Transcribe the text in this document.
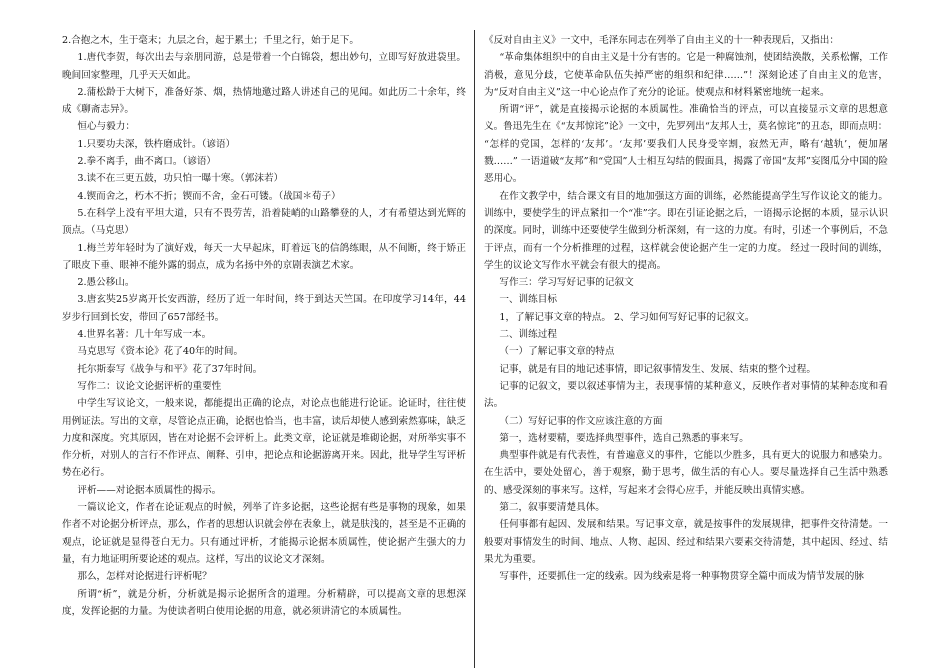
2.合抱之木，生于毫末；九层之台，起于累土；千里之行，始于足下。

1.唐代李贺，每次出去与亲朋同游，总是带着一个白锦袋，想出妙句，立即写好放进袋里。晚间回家整理，几乎天天如此。

2.蒲松龄于大树下，准备好茶、烟，热情地邀过路人讲述自己的见闻。如此历二十余年，终成《聊斋志异》。

恒心与毅力：

1.只要功夫深，铁杵磨成针。（谚语）

2.拳不离手，曲不离口。（谚语）

3.读不在三更五鼓，功只怕一曝十寒。（郭沫若）

4.锲而舍之，朽木不折；锲而不舍，金石可镂。（战国＊荀子）

5.在科学上没有平坦大道，只有不畏劳苦，沿着陡峭的山路攀登的人，才有希望达到光辉的顶点。（马克思）

1.梅兰芳年轻时为了演好戏，每天一大早起床，盯着远飞的信鸽练眼，从不间断，终于矫正了眼皮下垂、眼神不能外露的弱点，成为名扬中外的京剧表演艺术家。

2.愚公移山。

3.唐玄奘25岁离开长安西游，经历了近一年时间，终于到达天竺国。在印度学习14年，44岁步行回到长安，带回了657部经书。

4.世界名著：几十年写成一本。

马克思写《资本论》花了40年的时间。

托尔斯泰写《战争与和平》花了37年时间。

写作二：议论文论据评析的重要性

中学生写议论文，一般来说，都能提出正确的论点，对论点也能进行论证。论证时，往往使用例证法。写出的文章，尽管论点正确，论据也恰当，也丰富，读后却使人感到索然寡味，缺乏力度和深度。究其原因，皆在对论据不会评析上。此类文章，论证就是堆砌论据，对所举实事不作分析，对别人的言行不作评点、阐释、引申，把论点和论据游离开来。因此，批导学生写评析势在必行。

评析——对论据本质属性的揭示。

一篇议论文，作者在论证观点的时候，列举了许多论据，这些论据有些是事物的现象，如果作者不对论据分析评点，那么，作者的思想认识就会停在表象上，就是肤浅的，甚至是不正确的观点，论证就是显得苍白无力。只有通过评析，才能揭示论据本质属性，使论据产生强大的力量，有力地证明所要论述的观点。这样，写出的议论文才深刻。

那么，怎样对论据进行评析呢？

所谓“析”，就是分析，分析就是揭示论据所含的道理。分析精辟，可以提高文章的思想深度，发挥论据的力量。为使读者明白使用论据的用意，就必须讲清它的本质属性。

《反对自由主义》一文中，毛泽东同志在列举了自由主义的十一种表现后，又指出：

“革命集体组织中的自由主义是十分有害的。它是一种腐蚀剂，使团结涣散，关系松懈，工作消极，意见分歧，它使革命队伍失掉严密的组织和纪律……”！深刻论述了自由主义的危害，为“反对自由主义”这一中心论点作了充分的论证。使观点和材料紧密地统一起来。

所谓“评”，就是直接揭示论据的本质属性。准确恰当的评点，可以直接显示文章的思想意义。鲁迅先生在《“友邦惊诧”论》一文中，先罗列出“友邦人士，莫名惊诧”的丑态，即而点明：

“怎样的党国，怎样的‘友邦’。‘友邦’要我们人民身受宰割，寂然无声，略有‘越轨’，便加屠戮……” 一语道破“友邦”和“党国”人士相互勾结的假面具，揭露了帝国“友邦”妄图瓜分中国的险恶用心。

在作文教学中，结合课文有目的地加强这方面的训练，必然能提高学生写作议论文的能力。 训练中，要使学生的评点紧扣一个“准”字。即在引证论据之后，一语揭示论据的本质，显示认识的深度。同时，训练中还要使学生做到分析深刻，有一这的力度。有时，引述一个事例后，不急于评点，而有一个分析推理的过程，这样就会使论据产生一定的力度。 经过一段时间的训练，学生的议论文写作水平就会有很大的提高。

写作三：学习写好记事的记叙文

一、训练目标

1，了解记事文章的特点。 2、学习如何写好记事的记叙文。

二、训练过程

（一）了解记事文章的特点

记事，就是有目的地记述事情，即记叙事情发生、发展、结束的整个过程。

记事的记叙文，要以叙述事情为主，表现事情的某种意义，反映作者对事情的某种态度和看法。

（二）写好记事的作文应该注意的方面

第一，选材要精，要选择典型事件，选自己熟悉的事来写。

典型事件就是有代表性，有普遍意义的事件，它能以少胜多，具有更大的说服力和感染力。在生活中，要处处留心，善于观察，勤于思考，做生活的有心人。要尽量选择自己生活中熟悉的、感受深刻的事来写。这样，写起来才会得心应手，并能反映出真情实感。

第二，叙事要清楚具体。

任何事都有起因、发展和结果。写记事文章，就是按事件的发展规律，把事件交待清楚。一般要对事情发生的时间、地点、人物、起因、经过和结果六要素交待清楚，其中起因、经过、结果尤为重要。

写事件，还要抓住一定的线索。因为线索是将一种事物贯穿全篇中而成为情节发展的脉
